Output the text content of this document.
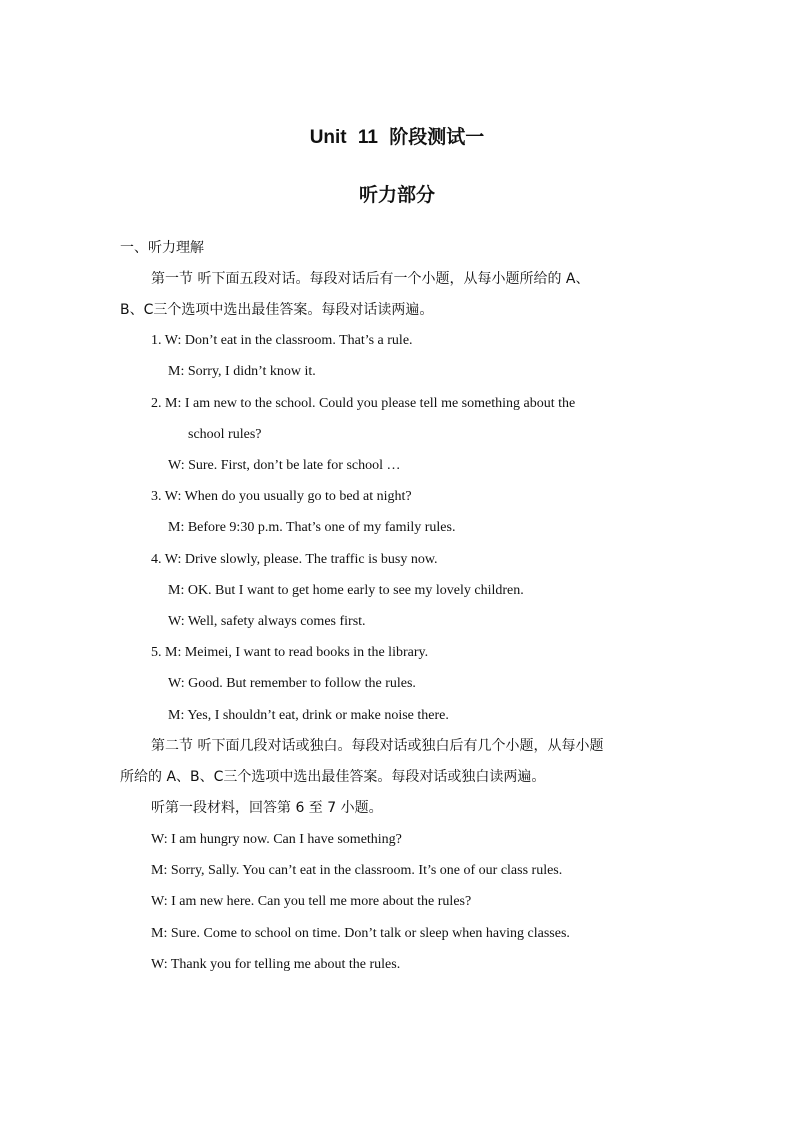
Unit 11 阶段测试一
听力部分
一、听力理解
第一节 听下面五段对话。每段对话后有一个小题，从每小题所给的 A、
B、C三个选项中选出最佳答案。每段对话读两遍。
1. W: Don’t eat in the classroom. That’s a rule.
M: Sorry, I didn’t know it.
2. M: I am new to the school. Could you please tell me something about the
school rules?
W: Sure. First, don’t be late for school …
3. W: When do you usually go to bed at night?
M: Before 9:30 p.m. That’s one of my family rules.
4. W: Drive slowly, please. The traffic is busy now.
M: OK. But I want to get home early to see my lovely children.
W: Well, safety always comes first.
5. M: Meimei, I want to read books in the library.
W: Good. But remember to follow the rules.
M: Yes, I shouldn’t eat, drink or make noise there.
第二节 听下面几段对话或独白。每段对话或独白后有几个小题，从每小题
所给的 A、B、C三个选项中选出最佳答案。每段对话或独白读两遍。
听第一段材料，回答第 6 至 7 小题。
W: I am hungry now. Can I have something?
M: Sorry, Sally. You can’t eat in the classroom. It’s one of our class rules.
W: I am new here. Can you tell me more about the rules?
M: Sure. Come to school on time. Don’t talk or sleep when having classes.
W: Thank you for telling me about the rules.
